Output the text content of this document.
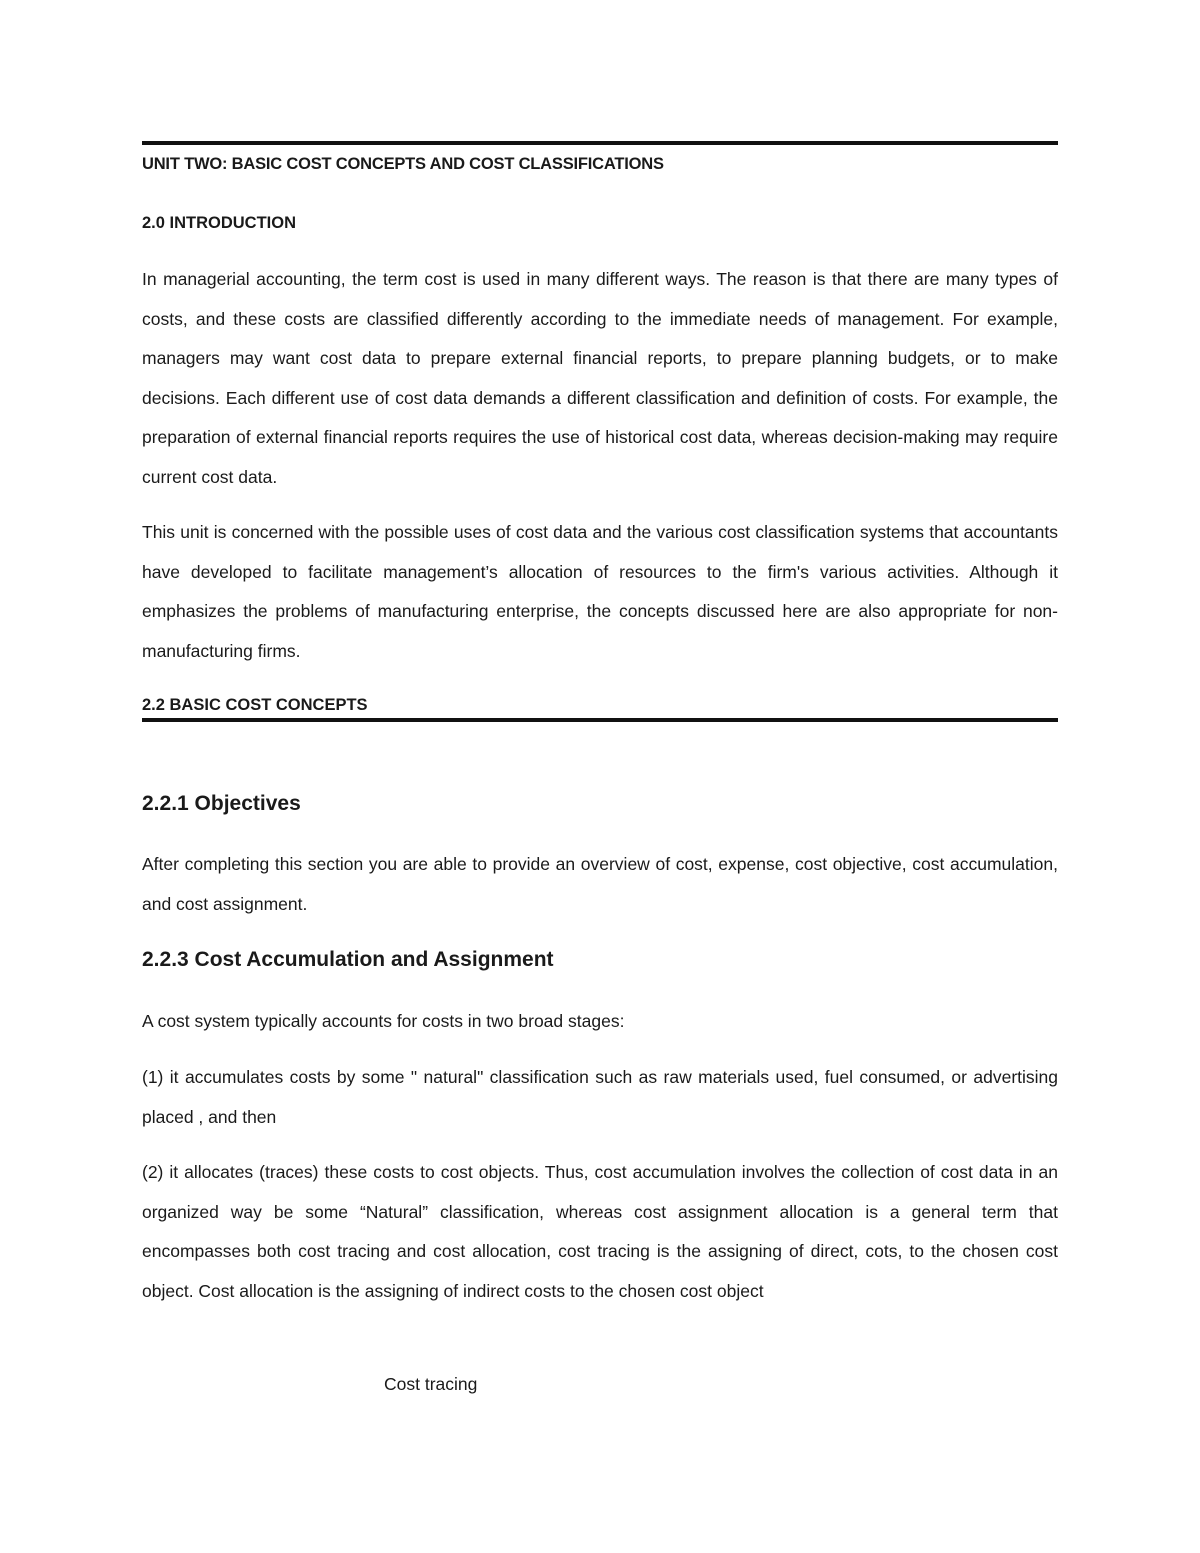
UNIT TWO: BASIC COST CONCEPTS AND COST CLASSIFICATIONS
2.0 INTRODUCTION

In managerial accounting, the term cost is used in many different ways. The reason is that there are many types of costs, and these costs are classified differently according to the immediate needs of management. For example, managers may want cost data to prepare external financial reports, to prepare planning budgets, or to make decisions. Each different use of cost data demands a different classification and definition of costs. For example, the preparation of external financial reports requires the use of historical cost data, whereas decision-making may require current cost data.

This unit is concerned with the possible uses of cost data and the various cost classification systems that accountants have developed to facilitate management’s allocation of resources to the firm's various activities. Although it emphasizes the problems of manufacturing enterprise, the concepts discussed here are also appropriate for non-manufacturing firms.

2.2 BASIC COST CONCEPTS
2.2.1 Objectives

After completing this section you are able to provide an overview of cost, expense, cost objective, cost accumulation, and cost assignment.

2.2.3 Cost Accumulation and Assignment

A cost system typically accounts for costs in two broad stages:

(1) it accumulates costs by some " natural" classification such as raw materials used, fuel consumed, or advertising placed , and then

(2) it allocates (traces) these costs to cost objects. Thus, cost accumulation involves the collection of cost data in an organized way be some “Natural” classification, whereas cost assignment allocation is a general term that encompasses both cost tracing and cost allocation, cost tracing is the assigning of direct, cots, to the chosen cost object. Cost allocation is the assigning of indirect costs to the chosen cost object

Cost tracing
